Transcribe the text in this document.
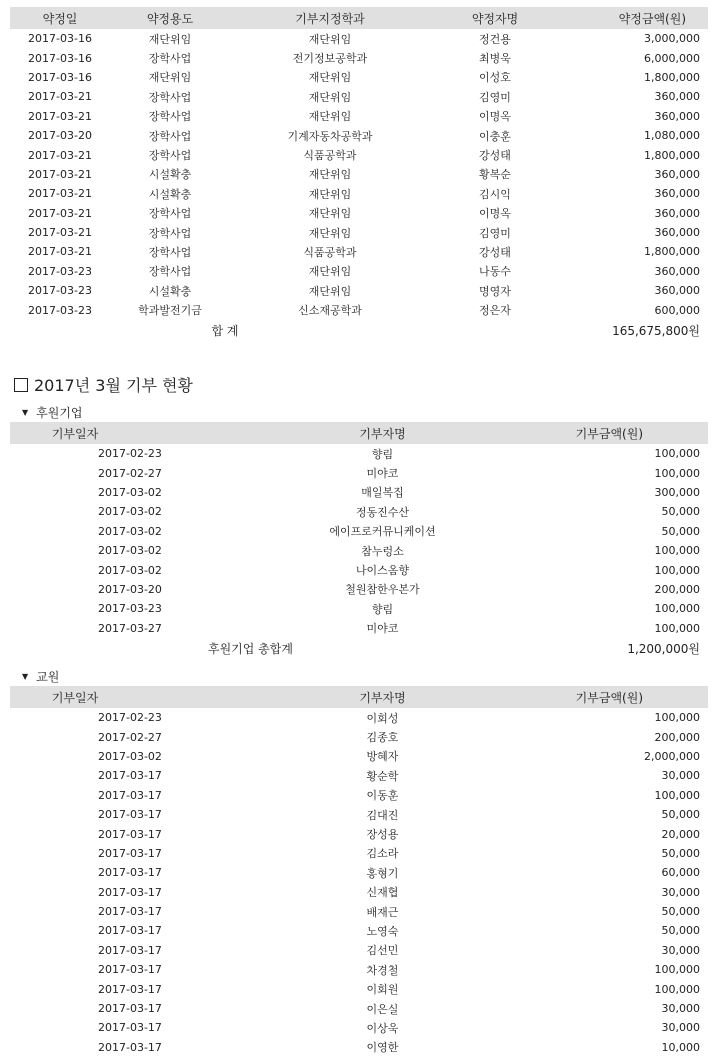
약정일	약정용도	기부지정학과	약정자명	약정금액(원)
2017-03-16	재단위임	재단위임	정건용	3,000,000
2017-03-16	장학사업	전기정보공학과	최병욱	6,000,000
2017-03-16	재단위임	재단위임	이성호	1,800,000
2017-03-21	장학사업	재단위임	김영미	360,000
2017-03-21	장학사업	재단위임	이명옥	360,000
2017-03-20	장학사업	기계자동차공학과	이충훈	1,080,000
2017-03-21	장학사업	식품공학과	강성태	1,800,000
2017-03-21	시설확충	재단위임	황복순	360,000
2017-03-21	시설확충	재단위임	김시익	360,000
2017-03-21	장학사업	재단위임	이명옥	360,000
2017-03-21	장학사업	재단위임	김영미	360,000
2017-03-21	장학사업	식품공학과	강성태	1,800,000
2017-03-23	장학사업	재단위임	나동수	360,000
2017-03-23	시설확충	재단위임	명영자	360,000
2017-03-23	학과발전기금	신소재공학과	정은자	600,000
	합 계			165,675,800원
2017년 3월 기부 현황
▼ 후원기업
기부일자	기부자명	기부금액(원)
2017-02-23	향림	100,000
2017-02-27	미야코	100,000
2017-03-02	매일복집	300,000
2017-03-02	정동진수산	50,000
2017-03-02	에이프로커뮤니케이션	50,000
2017-03-02	참누렁소	100,000
2017-03-02	나이스옴향	100,000
2017-03-20	철원참한우본가	200,000
2017-03-23	향림	100,000
2017-03-27	미야코	100,000
후원기업 총합계		1,200,000원
▼ 교원
기부일자	기부자명	기부금액(원)
2017-02-23	이회성	100,000
2017-02-27	김종호	200,000
2017-03-02	방혜자	2,000,000
2017-03-17	황순학	30,000
2017-03-17	이동훈	100,000
2017-03-17	김대진	50,000
2017-03-17	장성용	20,000
2017-03-17	김소라	50,000
2017-03-17	홍형기	60,000
2017-03-17	신재협	30,000
2017-03-17	배재근	50,000
2017-03-17	노영숙	50,000
2017-03-17	김선민	30,000
2017-03-17	차경철	100,000
2017-03-17	이회원	100,000
2017-03-17	이은실	30,000
2017-03-17	이상욱	30,000
2017-03-17	이영한	10,000
